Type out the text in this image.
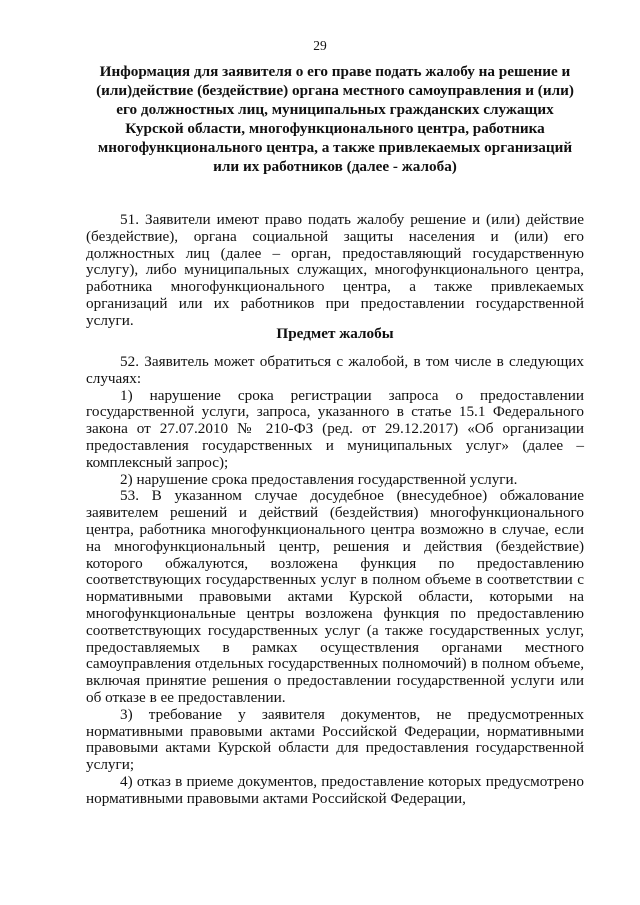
29
Информация для заявителя о его праве подать жалобу на решение и (или)действие (бездействие) органа местного самоуправления и (или) его должностных лиц, муниципальных гражданских служащих Курской области, многофункционального центра, работника многофункционального центра, а также привлекаемых организаций или их работников (далее - жалоба)

51. Заявители имеют право подать жалобу решение и (или) действие (бездействие), органа социальной защиты населения и (или) его должностных лиц (далее – орган, предоставляющий государственную услугу), либо муниципальных служащих, многофункционального центра, работника многофункционального центра, а также привлекаемых организаций или их работников при предоставлении государственной услуги.

Предмет жалобы

52. Заявитель может обратиться с жалобой, в том числе в следующих случаях:

1) нарушение срока регистрации запроса о предоставлении государственной услуги, запроса, указанного в статье 15.1 Федерального закона от 27.07.2010 № 210-ФЗ (ред. от 29.12.2017) «Об организации предоставления государственных и муниципальных услуг» (далее – комплексный запрос);

2) нарушение срока предоставления государственной услуги.

53. В указанном случае досудебное (внесудебное) обжалование заявителем решений и действий (бездействия) многофункционального центра, работника многофункционального центра возможно в случае, если на многофункциональный центр, решения и действия (бездействие) которого обжалуются, возложена функция по предоставлению соответствующих государственных услуг в полном объеме в соответствии с нормативными правовыми актами Курской области, которыми на многофункциональные центры возложена функция по предоставлению соответствующих государственных услуг (а также государственных услуг, предоставляемых в рамках осуществления органами местного самоуправления отдельных государственных полномочий) в полном объеме, включая принятие решения о предоставлении государственной услуги или об отказе в ее предоставлении.

3) требование у заявителя документов, не предусмотренных нормативными правовыми актами Российской Федерации, нормативными правовыми актами Курской области для предоставления государственной услуги;

4) отказ в приеме документов, предоставление которых предусмотрено нормативными правовыми актами Российской Федерации,
